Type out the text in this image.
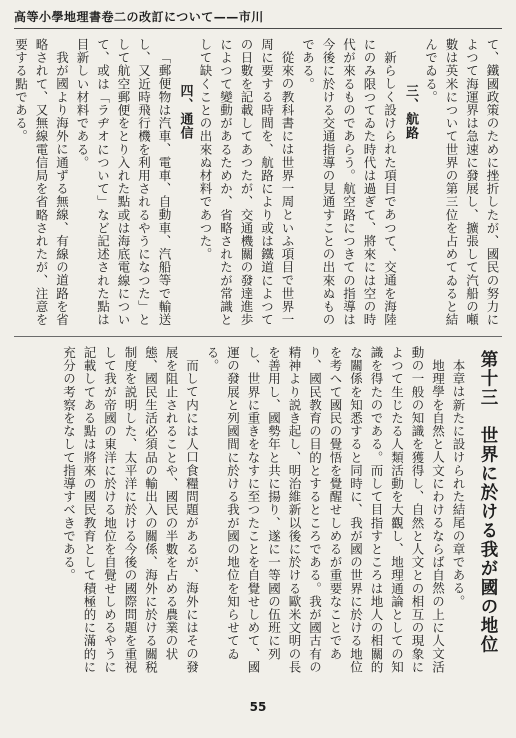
高等小學地理書卷二の改訂について——市川

て、鐵國政策のために挫折したが、國民の努力によつて海運界は急速に發展し、擴張して汽船の噸數は英米について世界の第三位を占めてゐると結んでゐる。

三、航路

新らしく設けられた項目であつて、交通を海陸にのみ限つてゐた時代は過ぎて、將來には空の時代が來るものであらう。航空路につきての指導は今後に於ける交通指導の見通すことの出來ぬものである。

從來の教科書には世界一周といふ項目で世界一周に要する時間を、航路により或は鐵道によつての日數を記載してあつたが、交通機關の發達進歩によつて變動があるためか、省略されたが常識として缺くことの出來ぬ材料であつた。

四、通信

「郵便物は汽車、電車、自動車、汽船等で輸送し、又近時飛行機を利用されるやうになつた」として航空郵便をとり入れた點或は海底電線について、或は「ラヂオについて」など記述された點は目新しい材料である。

我が國より海外に通ずる無線、有線の道路を省略されて、又無線電信局を省略されたが、注意を要する點である。

第十三　世界に於ける我が國の地位

本章は新たに設けられた結尾の章である。

地理學を自然と人文にわけるならば自然の上に人文活動の一般の知識を獲得し、自然と人文との相互の現象によつて生じたる人類活動を大觀し、地理通論としての知識を得たのである。而して目指すところは地人の相關的な關係を知悉すると同時に、我が國の世界に於ける地位を考へて國民の覺悟を覺醒せしめるが重要なことであり、國民教育の目的とするところである。我が國古有の精神より説き起し、明治維新以後に於ける歐米文明の長を善用し、國勢年と共に揚り、遂に一等國の伍班に列し、世界に重きをなすに至つたことを自覺せしめて、國運の發展と列國間に於ける我が國の地位を知らせてゐる。

而して内には人口食糧問題があるが、海外にはその發展を阻止されることや、國民の半數を占める農業の状態、國民生活必須品の輸出入の關係、海外に於ける關税制度を説明した、太平洋に於ける今後の國際問題を重視して我が帝國の東洋に於ける地位を自覺せしめるやうに記載してある點は將來の國民教育として積極的に滿的に充分の考察をなして指導すべきである。

55
